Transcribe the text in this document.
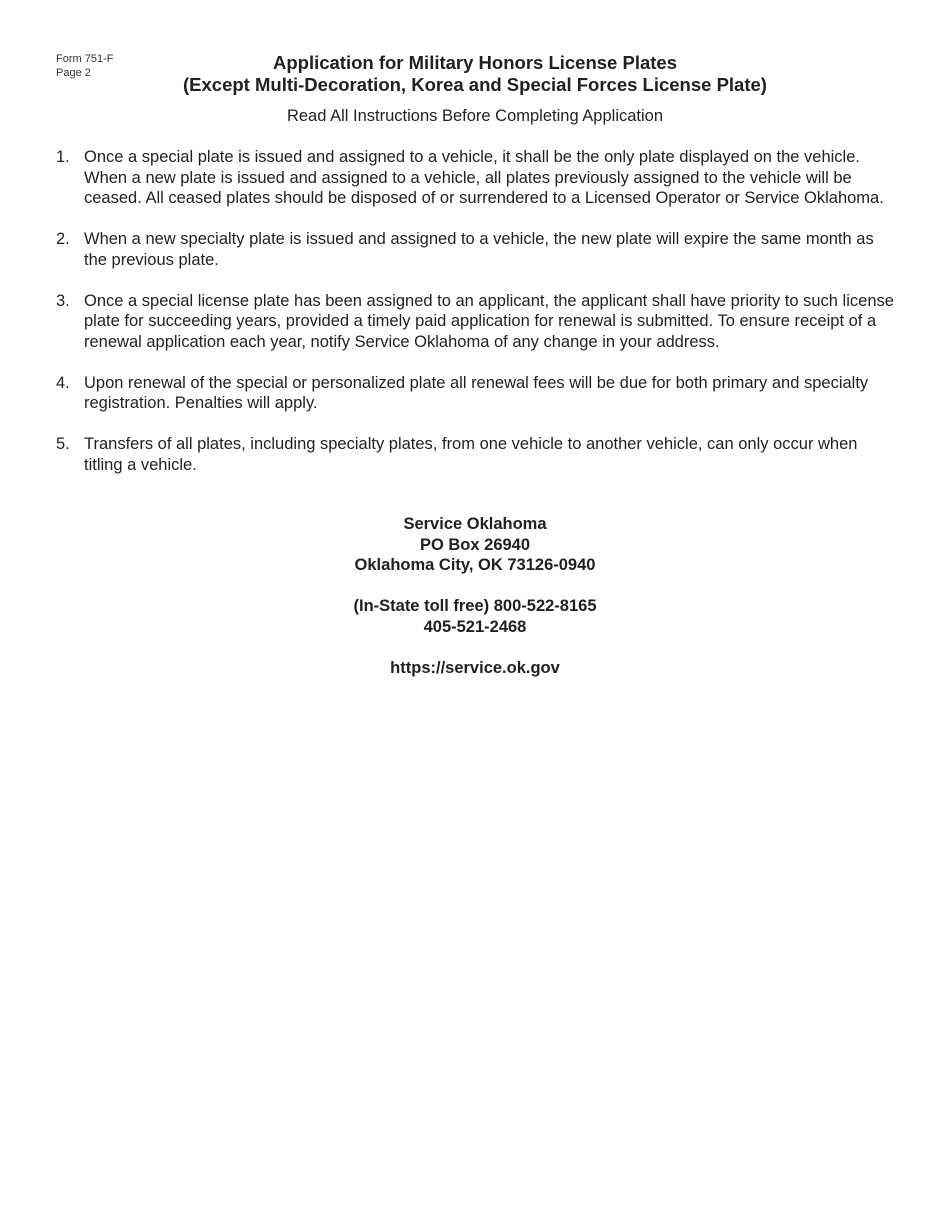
Form 751-F
Page 2	Application for Military Honors License Plates
(Except Multi-Decoration, Korea and Special Forces License Plate)
Read All Instructions Before Completing Application
1. Once a special plate is issued and assigned to a vehicle, it shall be the only plate displayed on the vehicle. When a new plate is issued and assigned to a vehicle, all plates previously assigned to the vehicle will be ceased. All ceased plates should be disposed of or surrendered to a Licensed Operator or Service Oklahoma.
2. When a new specialty plate is issued and assigned to a vehicle, the new plate will expire the same month as the previous plate.
3. Once a special license plate has been assigned to an applicant, the applicant shall have priority to such license plate for succeeding years, provided a timely paid application for renewal is submitted. To ensure receipt of a renewal application each year, notify Service Oklahoma of any change in your address.
4. Upon renewal of the special or personalized plate all renewal fees will be due for both primary and specialty registration. Penalties will apply.
5. Transfers of all plates, including specialty plates, from one vehicle to another vehicle, can only occur when titling a vehicle.
Service Oklahoma
PO Box 26940
Oklahoma City, OK 73126-0940
(In-State toll free) 800-522-8165
405-521-2468
https://service.ok.gov
